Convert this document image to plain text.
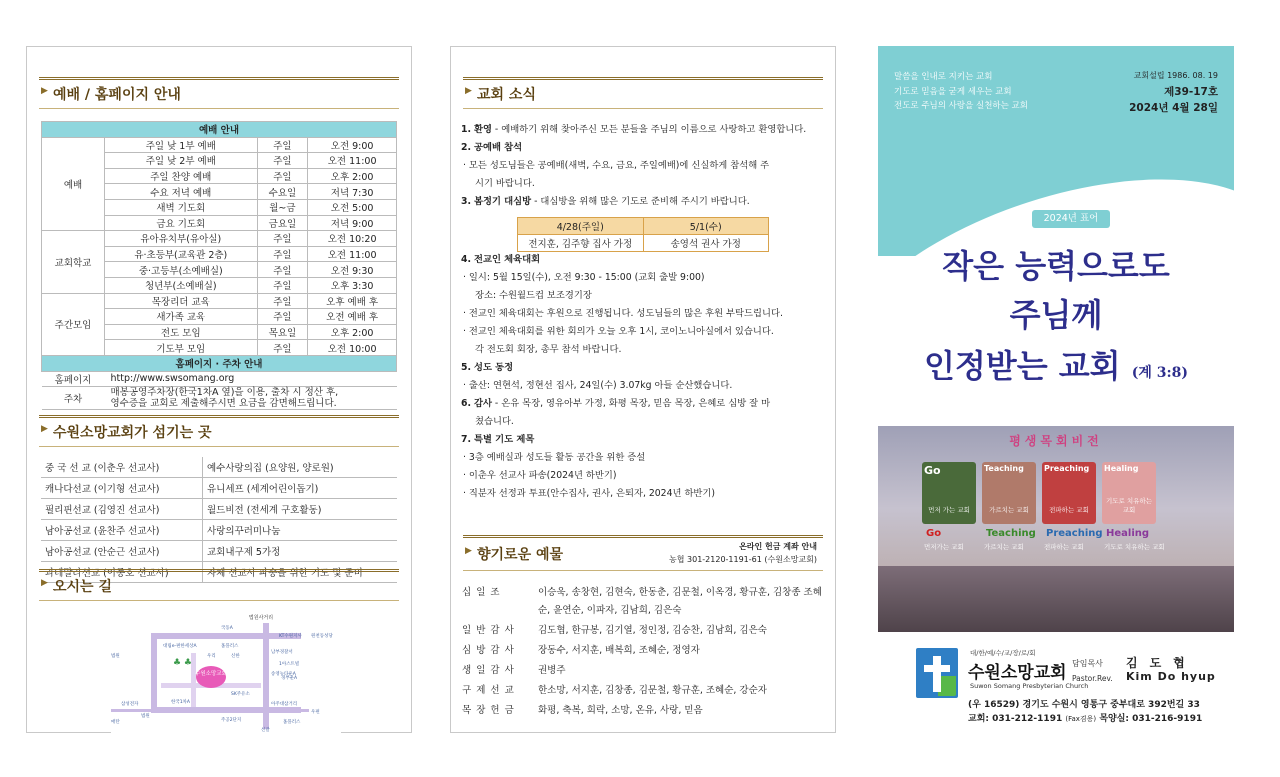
▶ 예배 / 홈페이지 안내
예배 안내			
예배	주일 낮 1부 예배	주일	오전 9:00
	주일 낮 2부 예배	주일	오전 11:00
	주일 찬양 예배	주일	오후 2:00
	수요 저녁 예배	수요일	저녁 7:30
	새벽 기도회	월~금	오전 5:00
	금요 기도회	금요일	저녁 9:00
교회학교	유아유치부(유아실)	주일	오전 10:20
	유·초등부(교육관 2층)	주일	오전 11:00
	중·고등부(소예배실)	주일	오전 9:30
	청년부(소예배실)	주일	오후 3:30
주간모임	목장리더 교육	주일	오후 예배 후
	새가족 교육	주일	오전 예배 후
	전도 모임	목요일	오후 2:00
	기도부 모임	주일	오전 10:00
홈페이지 · 주차 안내			
홈페이지	http://www.swsomang.org		
주차	매봉공영주차장(한국1차A 옆)을 이용, 출차 시 정산 후,
영수증을 교회로 제출해주시면 요금을 감면해드립니다.		
▶ 수원소망교회가 섬기는 곳
중 국 선 교 (이춘우 선교사)	예수사랑의집 (요양원, 양로원)
캐나다선교 (이기형 선교사)	유니세프 (세계어린이돕기)
필리핀선교 (김영진 선교사)	월드비전 (전세계 구호활동)
남아공선교 (윤찬주 선교사)	사랑의꾸러미나눔
남아공선교 (안순근 선교사)	교회내구제 5가정
과테말라선교 (이종호 선교사)	자체 선교사 파송을 위한 기도 및 준비
▶ 오시는 길
수원소망교회
법원사거리
KT수원지사 원천동성당
국동A
대림e-편한세상A	홈플러스
우리	신한
남부경찰서
1아스트빌
송영뉴타운A
법원
경부운A
SK주유소
한국1차A	아주대삼거리
우편
주공2단지	홈플러스
신갈
법원
삼성전자
매탄
♣ ♣
▶ 교회 소식
1. 환영 - 예배하기 위해 찾아주신 모든 분들을 주님의 이름으로 사랑하고 환영합니다.
2. 공예배 참석
· 모든 성도님들은 공예배(새벽, 수요, 금요, 주일예배)에 신실하게 참석해 주
시기 바랍니다.
3. 봄정기 대심방 - 대심방을 위해 많은 기도로 준비해 주시기 바랍니다.
4/28(주일)	5/1(수)
전지훈, 김주향 집사 가정	송영석 권사 가정
4. 전교인 체육대회
· 일시: 5월 15일(수), 오전 9:30 - 15:00 (교회 출발 9:00)
장소: 수원월드컵 보조경기장
· 전교인 체육대회는 후원으로 진행됩니다. 성도님들의 많은 후원 부탁드립니다.
· 전교인 체육대회를 위한 회의가 오늘 오후 1시, 코이노니아실에서 있습니다.
각 전도회 회장, 총무 참석 바랍니다.
5. 성도 동정
· 출산: 연현석, 정현선 집사, 24일(수) 3.07kg 아들 순산했습니다.
6. 감사 - 온유 목장, 영유아부 가정, 화평 목장, 믿음 목장, 은혜로 심방 잘 마
쳤습니다.
7. 특별 기도 제목
· 3층 예배실과 성도들 활동 공간을 위한 증설
· 이춘우 선교사 파송(2024년 하반기)
· 직분자 선정과 투표(안수집사, 권사, 은퇴자, 2024년 하반기)
▶ 향기로운 예물
온라인 헌금 계좌 안내
농협 301-2120-1191-61 (수원소망교회)
십 일 조	이승욱, 송창현, 김현숙, 한동춘, 김문철, 이옥경, 황규훈, 김창종 조혜순, 윤연순, 이파자, 김남희, 김은숙
일 반 감 사	김도협, 한규봉, 김기열, 정인정, 김승찬, 김남희, 김은숙
심 방 감 사	장동수, 서지훈, 배복희, 조혜순, 정영자
생 일 감 사	권병주
구 제 선 교	한소망, 서지훈, 김창종, 김문철, 황규훈, 조혜순, 강순자
목 장 헌 금	화평, 축복, 희락, 소망, 온유, 사랑, 믿음
말씀을 인내로 지키는 교회
기도로 믿음을 굳게 세우는 교회
전도로 주님의 사랑을 실천하는 교회
교회설립 1986. 08. 19
제39-17호
2024년 4월 28일
2024년 표어
작은 능력으로도
주님께
인정받는 교회 (계 3:8)
평생목회비전
Go
먼저 가는 교회
Go
먼저가는 교회
Teaching
가르치는 교회
Teaching
가르치는 교회
Preaching
전파하는 교회
Preaching
전파하는 교회
Healing
기도로 치유하는 교회
Healing
기도로 치유하는 교회
대/한/예/수/교/장/로/회
수원소망교회
Suwon Somang Presbyterian Church
담임목사 김도협
Pastor.Rev. Kim Do hyup
(우 16529) 경기도 수원시 영통구 중부대로 392번길 33
교회: 031-212-1191 (Fax겸용) 목양실: 031-216-9191
